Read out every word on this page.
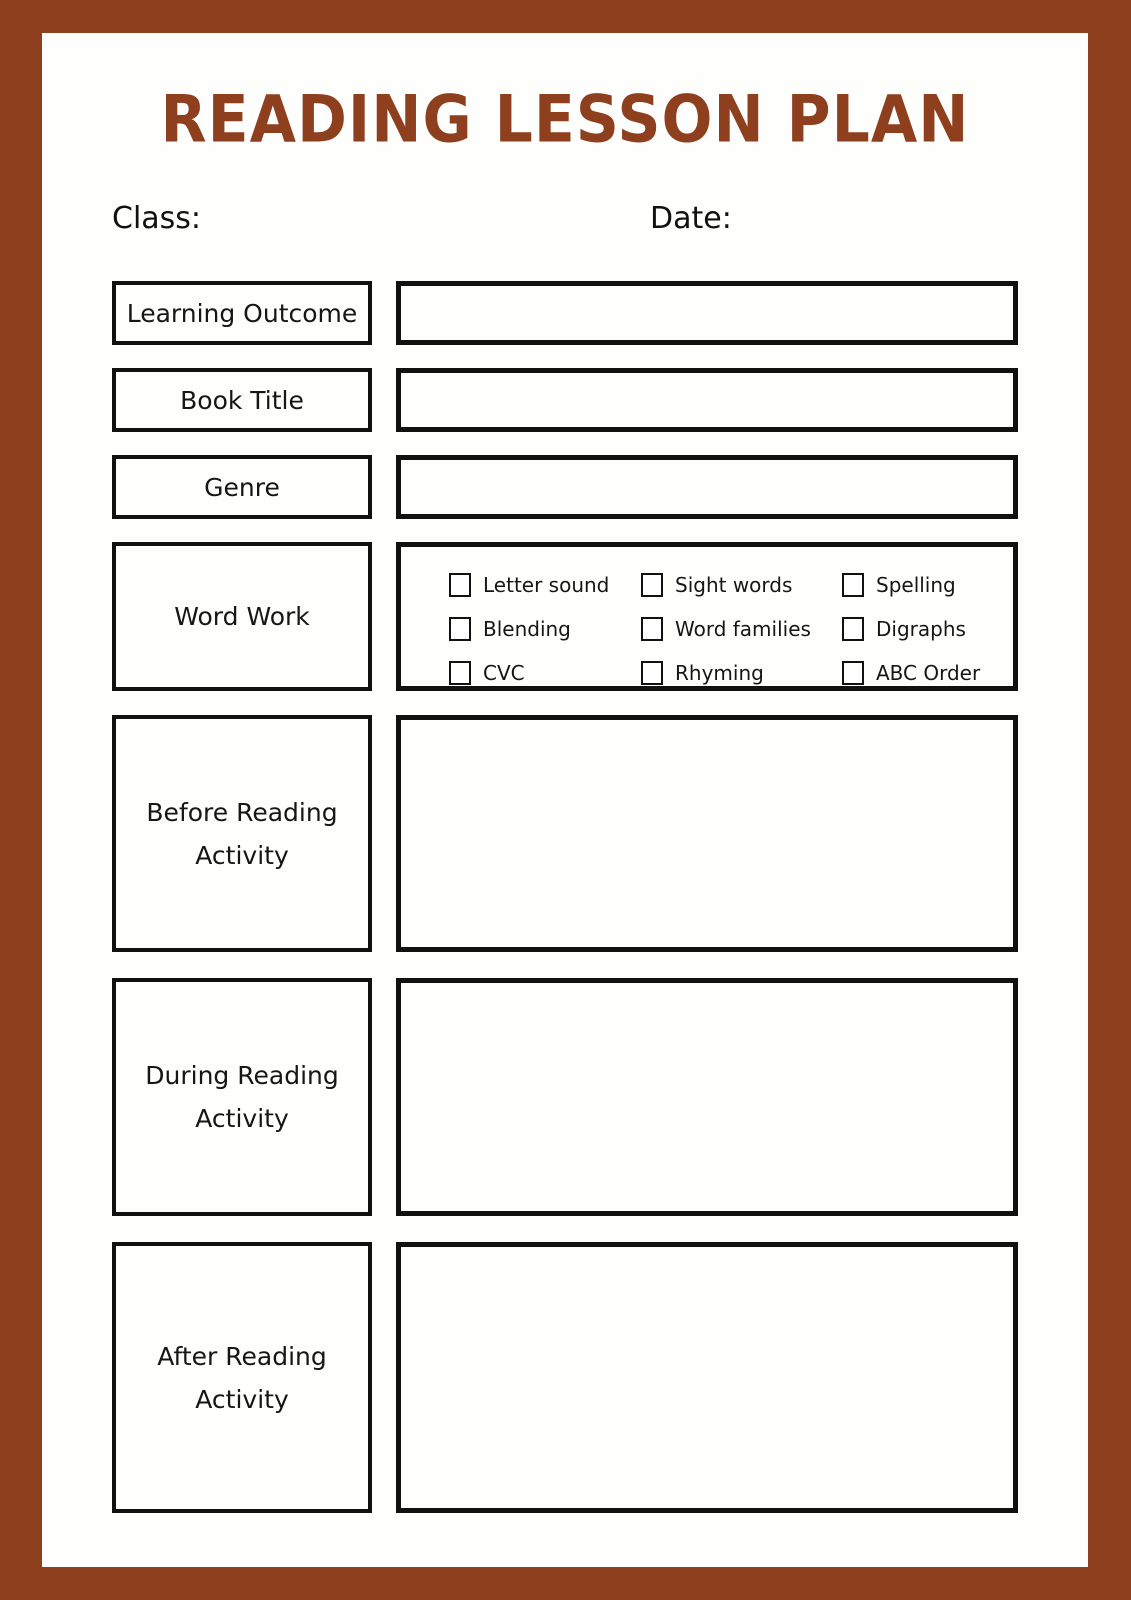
READING LESSON PLAN
Class:	Date:
Learning Outcome
Book Title
Genre
Word Work
Letter sound	Sight words	Spelling
Blending	Word families	Digraphs
CVC	Rhyming	ABC Order
Before Reading Activity
During Reading Activity
After Reading Activity
